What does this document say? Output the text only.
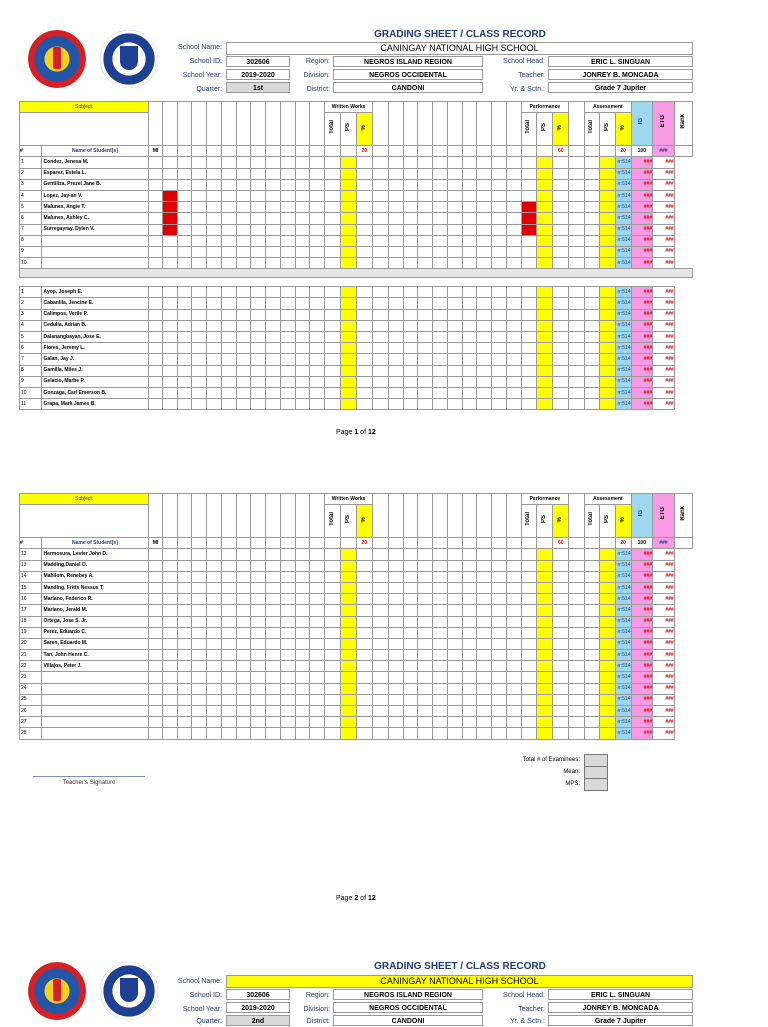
GRADING SHEET / CLASS RECORD
School Name:	CANINGAY NATIONAL HIGH SCHOOL
School ID:	302606
School Year:	2019-2020
Quarter:	1st
Region:	NEGROS ISLAND REGION
Division:	NEGROS OCCIDENTAL
District:	CANDONI
School Head:	ERIC L. SINGUAN
Teacher:	JONREY B. MONCADA
Yr. & Sctn.:	Grade 7 Jupiter
Subject:														Written Works													Performance				Assessment			IG	ETG	Rank
														Total	PS	%											Total	PS	%		Total	PS	%			
#	Name of Student[s]	MI														20													60				20	100	###	
1	Condez, Jenesa M.																																rr:514	###	###	
2	Esparez, Estela L.																																rr:514	###	###	
3	Gentiliza, Prezel Jane B.																																rr:514	###	###	
4	Lopez, Jay-an V.																																rr:514	###	###	
5	Malunes, Angie T.																																rr:514	###	###	
6	Malunes, Ashley C.																																rr:514	###	###	
7	Surregayray, Dylen V.																																rr:514	###	###	
8																																	rr:514	###	###	
9																																	rr:514	###	###	
10																																	rr:514	###	###	

1	Ayop, Joseph E.																																rr:514	###	###	
2	Cabanlila, Jencine E.																																rr:514	###	###	
3	Calimpos, Verile P.																																rr:514	###	###	
4	Cedulla, Adrian B.																																rr:514	###	###	
5	Dalanangbayan, Jose E.																																rr:514	###	###	
6	Flores, Jeremy L.																																rr:514	###	###	
7	Galan, Jay J.																																rr:514	###	###	
8	Gamilla, Miles J.																																rr:514	###	###	
9	Gelacio, Marbe P.																																rr:514	###	###	
10	Gonzaga, Carl Emerson B.																																rr:514	###	###	
11	Grapa, Mark James B.																																rr:514	###	###	
Page 1 of 12
Subject:														Written Works													Performance				Assessment			IG	ETG	Rank
														Total	PS	%											Total	PS	%		Total	PS	%			
#	Name of Student[s]	MI														20													60				20	100	###	
12	Hermosura, Lester John D.																																rr:514	###	###	
13	Madding,Daniel O.																																rr:514	###	###	
14	Mahilom, Renebey A.																																rr:514	###	###	
15	Manding, Fritts Nessus T.																																rr:514	###	###	
16	Mariano, Federico R.																																rr:514	###	###	
17	Mariano, Jerald M.																																rr:514	###	###	
18	Ortega, Jose S. Jr.																																rr:514	###	###	
19	Perez, Eduardo C.																																rr:514	###	###	
20	Saren, Eduardo M.																																rr:514	###	###	
21	Tan, John Henre C.																																rr:514	###	###	
22	Villajos, Peter J.																																rr:514	###	###	
23																																	rr:514	###	###	
24																																	rr:514	###	###	
25																																	rr:514	###	###	
26																																	rr:514	###	###	
27																																	rr:514	###	###	
28																																	rr:514	###	###	
Teacher's Signature
Total # of Examinees:
Mean:
MPS:
Page 2 of 12
GRADING SHEET / CLASS RECORD
School Name:	CANINGAY NATIONAL HIGH SCHOOL
School ID:	302606
School Year:	2019-2020
Quarter:	2nd
Region:	NEGROS ISLAND REGION
Division:	NEGROS OCCIDENTAL
District:	CANDONI
School Head:	ERIC L. SINGUAN
Teacher:	JONREY B. MONCADA
Yr. & Sctn.:	Grade 7 Jupiter
